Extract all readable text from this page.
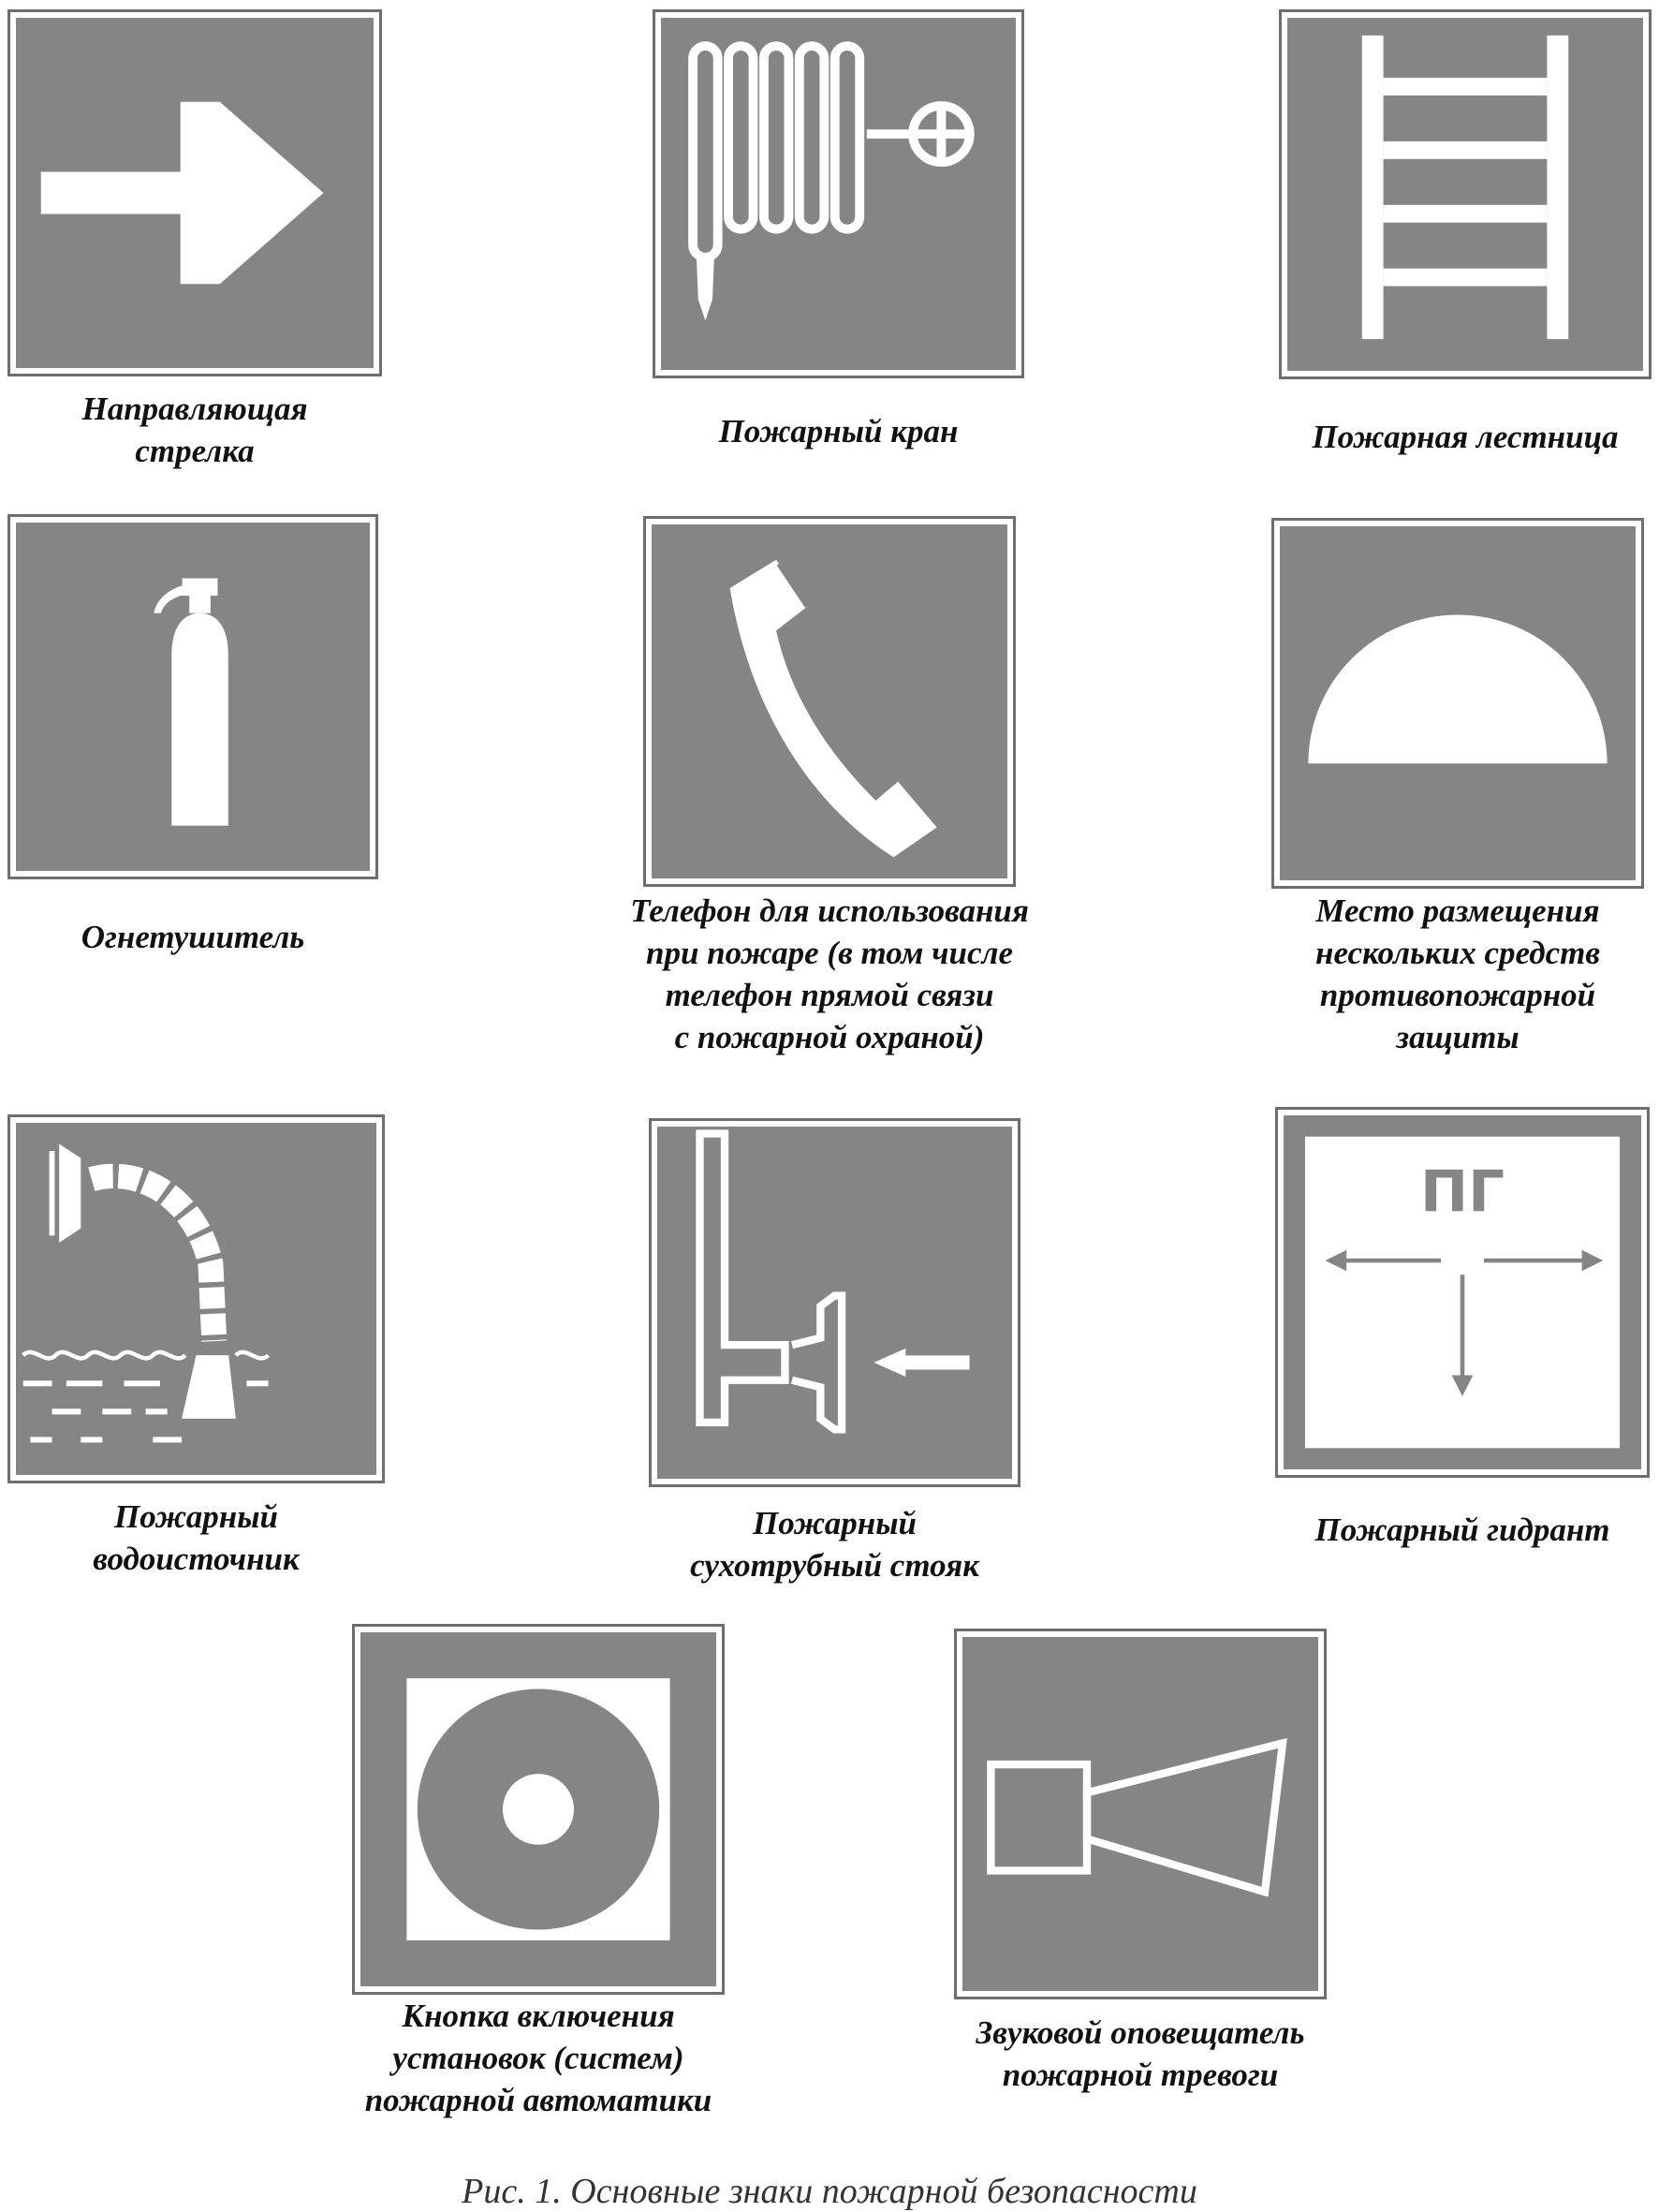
Направляющая
стрелка
Пожарный кран	Пожарная лестница
Огнетушитель
Телефон для использования
при пожаре (в том числе
телефон прямой связи
с пожарной охраной)
Место размещения
нескольких средств
противопожарной
защиты
Пожарный
водоисточник
Пожарный
сухотрубный стояк
ПГ
Пожарный гидрант
Кнопка включения
установок (систем)
пожарной автоматики
Звуковой оповещатель
пожарной тревоги
Рис. 1. Основные знаки пожарной безопасности
